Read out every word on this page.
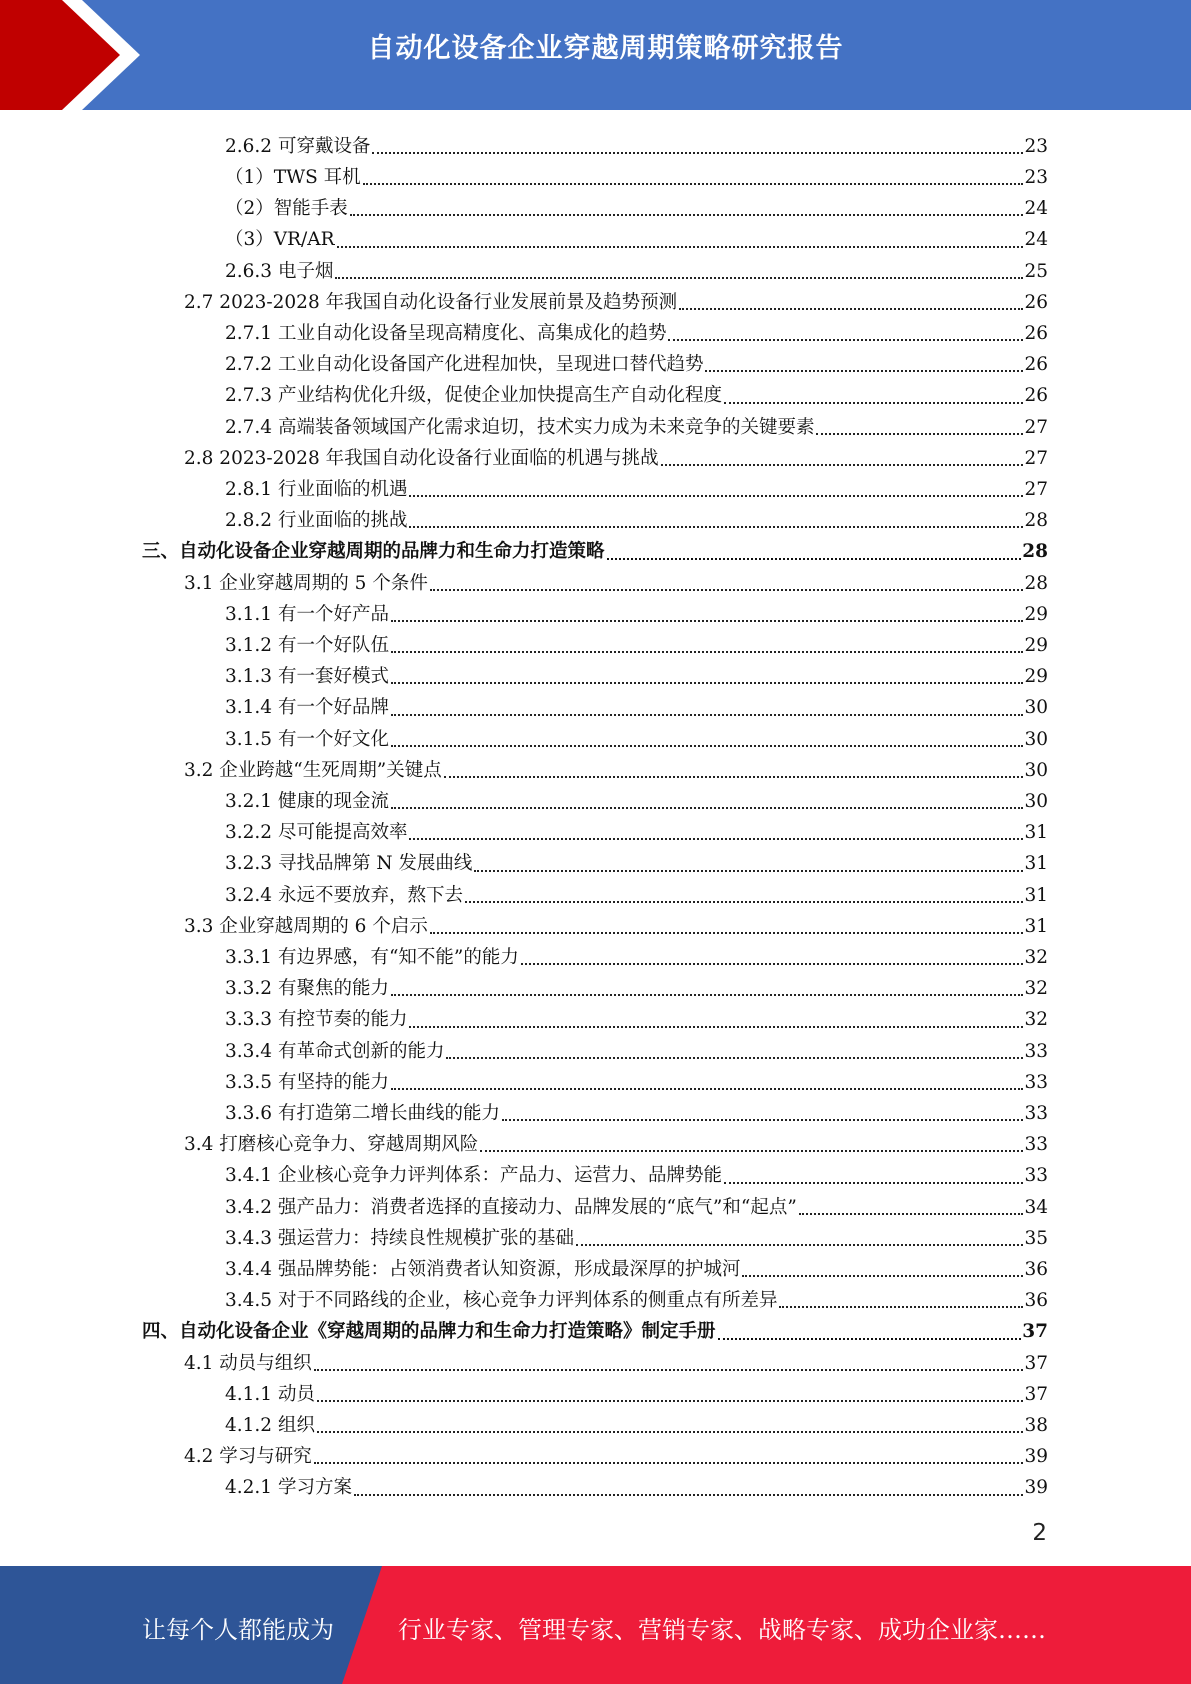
自动化设备企业穿越周期策略研究报告
2.6.2 可穿戴设备	23
（1）TWS 耳机	23
（2）智能手表	24
（3）VR/AR	24
2.6.3 电子烟	25
2.7 2023-2028 年我国自动化设备行业发展前景及趋势预测	26
2.7.1 工业自动化设备呈现高精度化、高集成化的趋势	26
2.7.2 工业自动化设备国产化进程加快，呈现进口替代趋势	26
2.7.3 产业结构优化升级，促使企业加快提高生产自动化程度	26
2.7.4 高端装备领域国产化需求迫切，技术实力成为未来竞争的关键要素	27
2.8 2023-2028 年我国自动化设备行业面临的机遇与挑战	27
2.8.1 行业面临的机遇	27
2.8.2 行业面临的挑战	28
三、自动化设备企业穿越周期的品牌力和生命力打造策略	28
3.1 企业穿越周期的 5 个条件	28
3.1.1 有一个好产品	29
3.1.2 有一个好队伍	29
3.1.3 有一套好模式	29
3.1.4 有一个好品牌	30
3.1.5 有一个好文化	30
3.2 企业跨越“生死周期”关键点	30
3.2.1 健康的现金流	30
3.2.2 尽可能提高效率	31
3.2.3 寻找品牌第 N 发展曲线	31
3.2.4 永远不要放弃，熬下去	31
3.3 企业穿越周期的 6 个启示	31
3.3.1 有边界感，有“知不能”的能力	32
3.3.2 有聚焦的能力	32
3.3.3 有控节奏的能力	32
3.3.4 有革命式创新的能力	33
3.3.5 有坚持的能力	33
3.3.6 有打造第二增长曲线的能力	33
3.4 打磨核心竞争力、穿越周期风险	33
3.4.1 企业核心竞争力评判体系：产品力、运营力、品牌势能	33
3.4.2 强产品力：消费者选择的直接动力、品牌发展的“底气”和“起点”	34
3.4.3 强运营力：持续良性规模扩张的基础	35
3.4.4 强品牌势能：占领消费者认知资源，形成最深厚的护城河	36
3.4.5 对于不同路线的企业，核心竞争力评判体系的侧重点有所差异	36
四、自动化设备企业《穿越周期的品牌力和生命力打造策略》制定手册	37
4.1 动员与组织	37
4.1.1 动员	37
4.1.2 组织	38
4.2 学习与研究	39
4.2.1 学习方案	39
2
让每个人都能成为	行业专家、管理专家、营销专家、战略专家、成功企业家……
